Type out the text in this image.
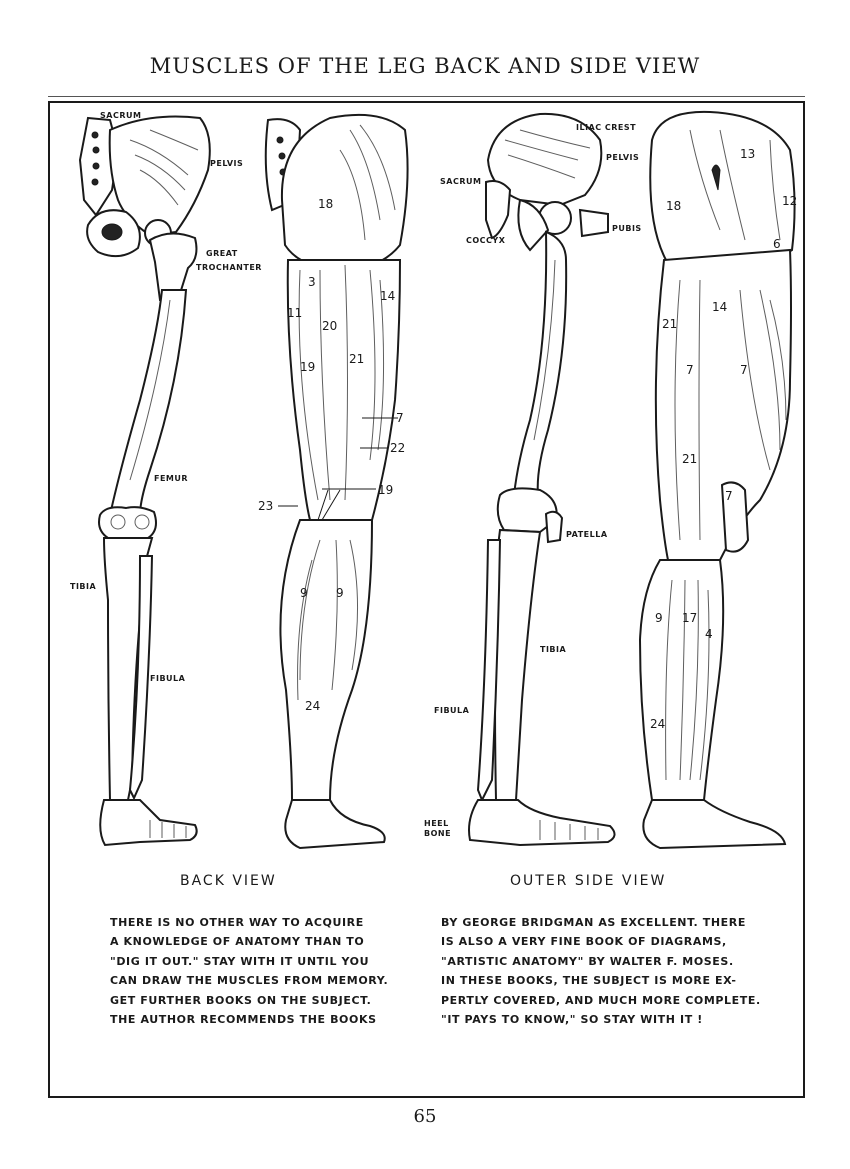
MUSCLES OF THE LEG BACK AND SIDE VIEW
SACRUM
PELVIS
GREAT
TROCHANTER
FEMUR
TIBIA
FIBULA
18
3
11
20
14
19
21
7
22
19
23
9 9
24
ILIAC CREST
PELVIS
SACRUM
PUBIS
COCCYX
PATELLA
TIBIA
FIBULA
HEEL
BONE
13
18	12
6
14
21
7	7
21
7
9 17
4
24
BACK VIEW	OUTER SIDE VIEW
THERE IS NO OTHER WAY TO ACQUIRE
A KNOWLEDGE OF ANATOMY THAN TO
"DIG IT OUT." STAY WITH IT UNTIL YOU
CAN DRAW THE MUSCLES FROM MEMORY.
GET FURTHER BOOKS ON THE SUBJECT.
THE AUTHOR RECOMMENDS THE BOOKS
BY GEORGE BRIDGMAN AS EXCELLENT. THERE
IS ALSO A VERY FINE BOOK OF DIAGRAMS,
"ARTISTIC ANATOMY" BY WALTER F. MOSES.
IN THESE BOOKS, THE SUBJECT IS MORE EX-
PERTLY COVERED, AND MUCH MORE COMPLETE.
"IT PAYS TO KNOW," SO STAY WITH IT !
65
